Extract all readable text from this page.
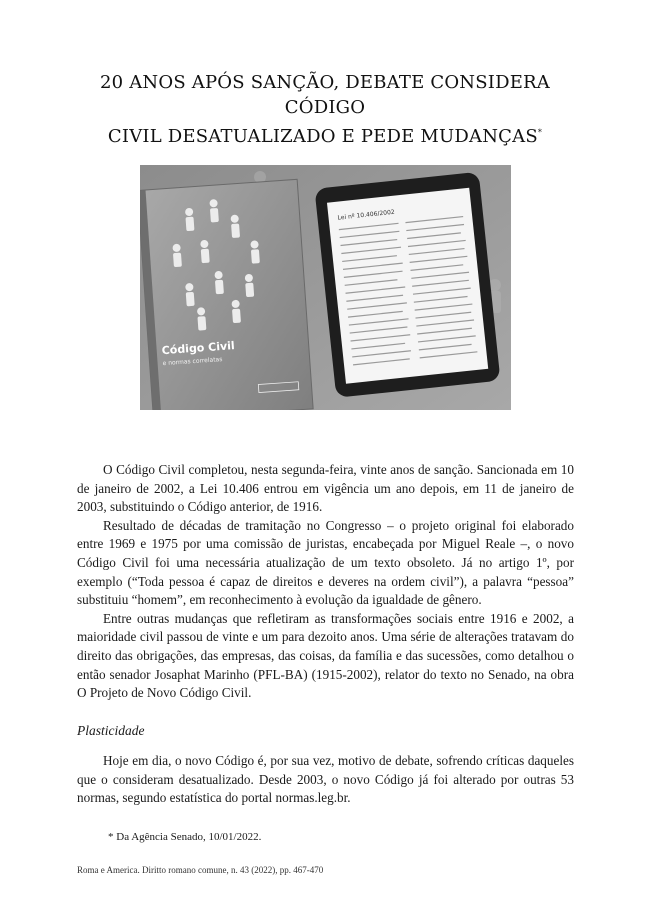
20 ANOS APÓS SANÇÃO, DEBATE CONSIDERA CÓDIGO
CIVIL DESATUALIZADO E PEDE MUDANÇAS*
Código Civil
e normas correlatas
Lei nº 10.406/2002

O Código Civil completou, nesta segunda-feira, vinte anos de sanção. Sancionada em 10 de janeiro de 2002, a Lei 10.406 entrou em vigência um ano depois, em 11 de janeiro de 2003, substituindo o Código anterior, de 1916.

Resultado de décadas de tramitação no Congresso – o projeto original foi elaborado entre 1969 e 1975 por uma comissão de juristas, encabeçada por Miguel Reale –, o novo Código Civil foi uma necessária atualização de um texto obsoleto. Já no artigo 1º, por exemplo (“Toda pessoa é capaz de direitos e deveres na ordem civil”), a palavra “pessoa” substituiu “homem”, em reconhecimento à evolução da igualdade de gênero.

Entre outras mudanças que refletiram as transformações sociais entre 1916 e 2002, a maioridade civil passou de vinte e um para dezoito anos. Uma série de alterações tratavam do direito das obrigações, das empresas, das coisas, da família e das sucessões, como detalhou o então senador Josaphat Marinho (PFL-BA) (1915-2002), relator do texto no Senado, na obra O Projeto de Novo Código Civil.

Plasticidade

Hoje em dia, o novo Código é, por sua vez, motivo de debate, sofrendo críticas daqueles que o consideram desatualizado. Desde 2003, o novo Código já foi alterado por outras 53 normas, segundo estatística do portal normas.leg.br.

* Da Agência Senado, 10/01/2022.
Roma e America. Diritto romano comune, n. 43 (2022), pp. 467-470
